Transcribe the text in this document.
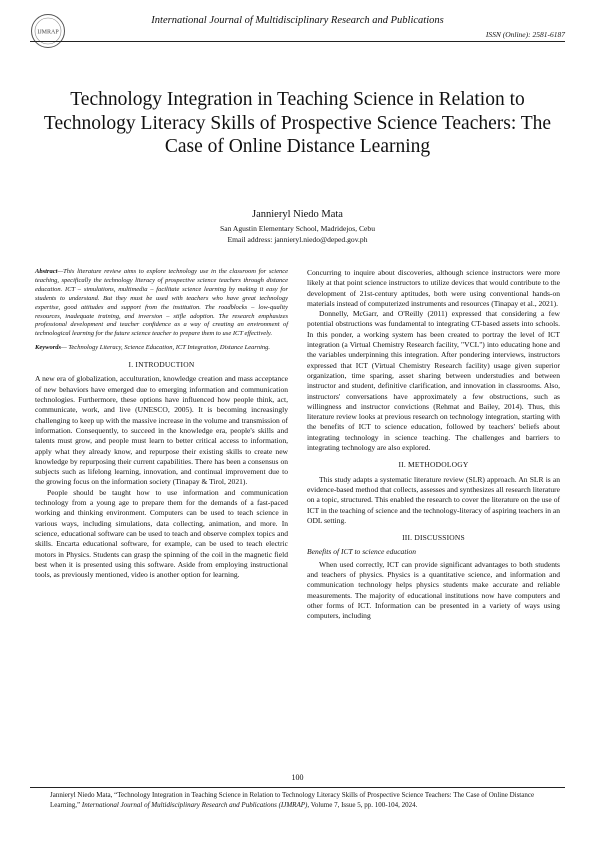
IJMRAP
International Journal of Multidisciplinary Research and Publications
ISSN (Online): 2581-6187
Technology Integration in Teaching Science in Relation to Technology Literacy Skills of Prospective Science Teachers: The Case of Online Distance Learning
Jannieryl Niedo Mata
San Agustin Elementary School, Madridejos, Cebu
Email address: jannieryl.niedo@deped.gov.ph

Abstract—This literature review aims to explore technology use in the classroom for science teaching, specifically the technology literacy of prospective science teachers through distance education. ICT – simulations, multimedia – facilitate science learning by making it easy for students to understand. But they must be used with teachers who have great technology expertise, good attitudes and support from the institution. The roadblocks – low-quality resources, inadequate training, and inversion – stifle adoption. The research emphasizes professional development and teacher confidence as a way of creating an environment of technological learning for the future science teacher to prepare them to use ICT effectively.

Keywords— Technology Literacy, Science Education, ICT Integration, Distance Learning.

I. INTRODUCTION

A new era of globalization, acculturation, knowledge creation and mass acceptance of new behaviors have emerged due to emerging information and communication technologies. Furthermore, these options have influenced how people think, act, communicate, work, and live (UNESCO, 2005). It is becoming increasingly challenging to keep up with the massive increase in the volume and transmission of information. Consequently, to succeed in the knowledge era, people's skills and talents must grow, and people must learn to better critical access to information, apply what they already know, and repurpose their existing skills to create new knowledge by repurposing their current capabilities. There has been a consensus on subjects such as lifelong learning, innovation, and continual improvement due to the growing focus on the information society (Tinapay & Tirol, 2021).

People should be taught how to use information and communication technology from a young age to prepare them for the demands of a fast-paced working and thinking environment. Computers can be used to teach science in various ways, including simulations, data collecting, animation, and more. In science, educational software can be used to teach and observe complex topics and skills. Encarta educational software, for example, can be used to teach electric motors in Physics. Students can grasp the spinning of the coil in the magnetic field best when it is presented using this software. Aside from employing instructional tools, as previously mentioned, video is another option for learning.

Concurring to inquire about discoveries, although science instructors were more likely at that point science instructors to utilize devices that would contribute to the development of 21st-century aptitudes, both were using conventional hands-on materials instead of computerized instruments and resources (Tinapay et al., 2021).

Donnelly, McGarr, and O'Reilly (2011) expressed that considering a few potential obstructions was fundamental to integrating CT-based assets into schools. In this ponder, a working system has been created to portray the level of ICT integration (a Virtual Chemistry Research facility, "VCL") into educating hone and the variables underpinning this integration. After pondering interviews, instructors expressed that ICT (Virtual Chemistry Research facility) usage given superior organization, time sparing, asset sharing between understudies and between instructor and student, definitive clarification, and innovation in classrooms. Also, instructors' conversations have approximately a few obstructions, such as willingness and instructor convictions (Rehmat and Bailey, 2014). Thus, this literature review looks at previous research on technology integration, starting with the benefits of ICT to science education, followed by teachers' beliefs about integrating technology in science teaching. The challenges and barriers to integrating technology are also explored.

II. METHODOLOGY

This study adapts a systematic literature review (SLR) approach. An SLR is an evidence-based method that collects, assesses and synthesizes all research literature on a topic, structured. This enabled the research to cover the literature on the use of ICT in the teaching of science and the technology-literacy of aspiring teachers in an ODL setting.

III. DISCUSSIONS

Benefits of ICT to science education

When used correctly, ICT can provide significant advantages to both students and teachers of physics. Physics is a quantitative science, and information and communication technology helps physics students make accurate and reliable measurements. The majority of educational institutions now have computers and other forms of ICT. Information can be presented in a variety of ways using computers, including

100
Jannieryl Niedo Mata, “Technology Integration in Teaching Science in Relation to Technology Literacy Skills of Prospective Science Teachers: The Case of Online Distance Learning,” International Journal of Multidisciplinary Research and Publications (IJMRAP), Volume 7, Issue 5, pp. 100-104, 2024.
